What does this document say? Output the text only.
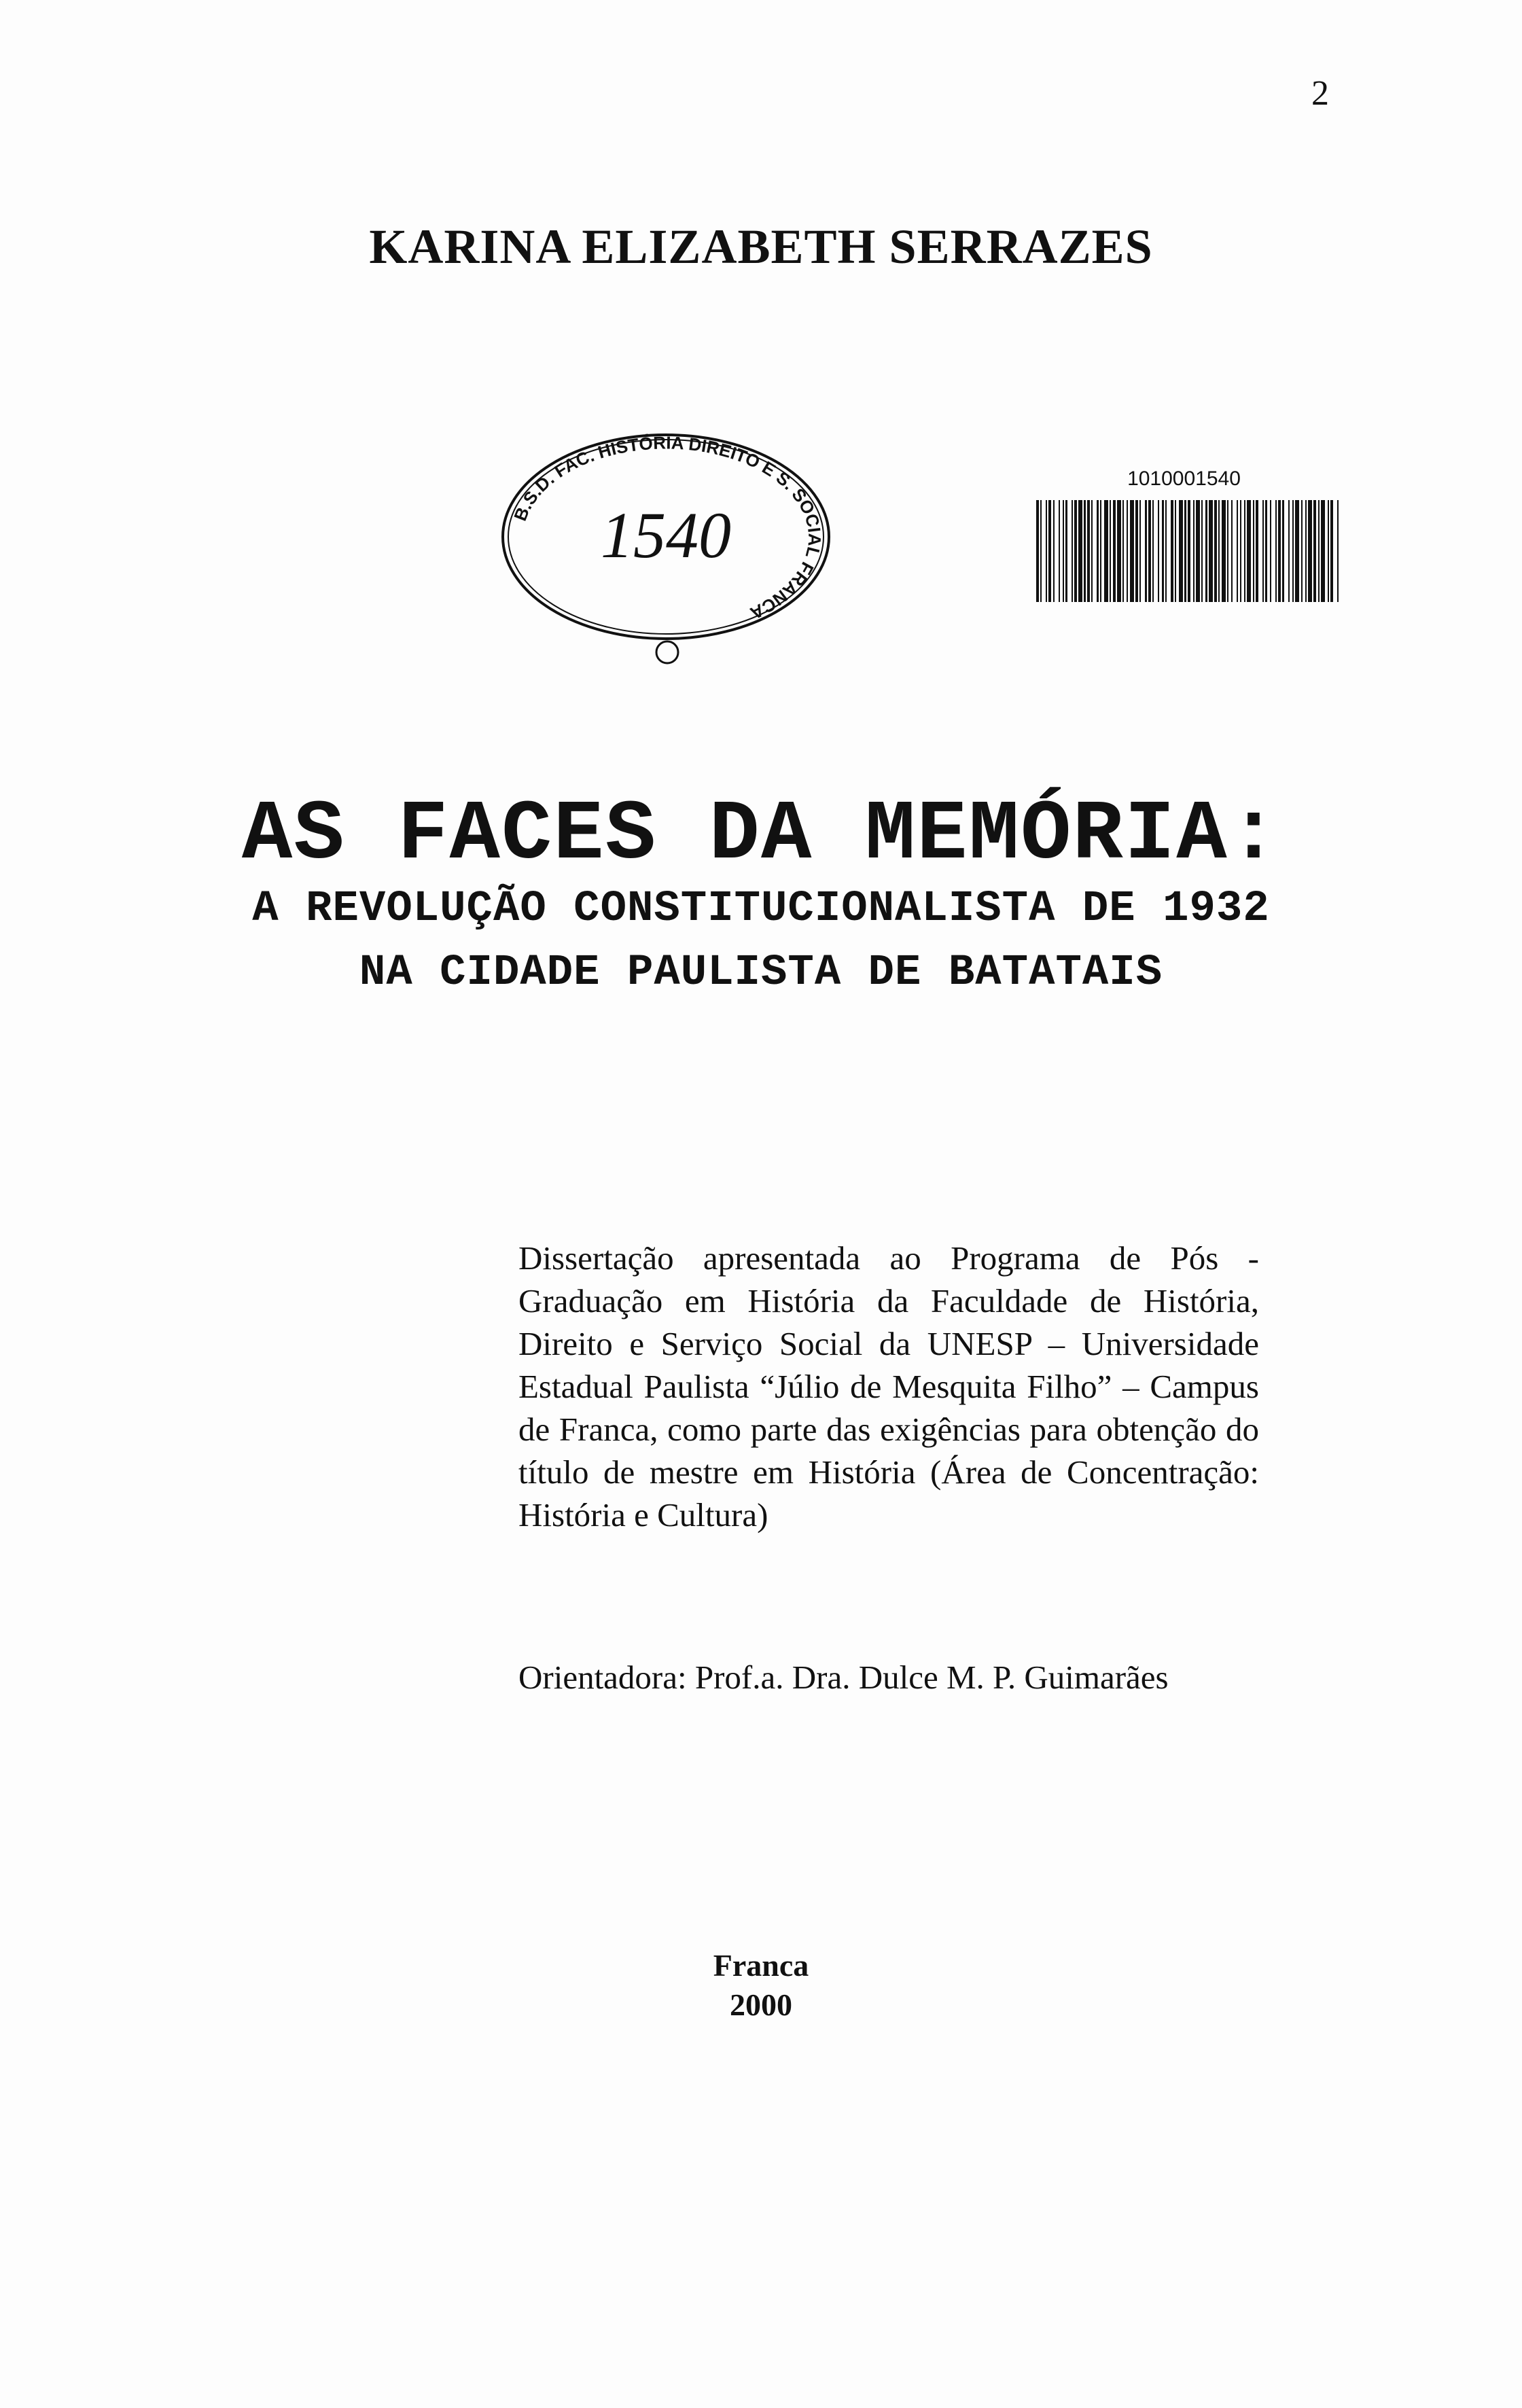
2
KARINA ELIZABETH SERRAZES
B.S.D. FAC. HISTÓRIA DIREITO E S. SOCIAL FRANCA
1540
1010001540
AS FACES DA MEMÓRIA:
A REVOLUÇÃO CONSTITUCIONALISTA DE 1932
NA CIDADE PAULISTA DE BATATAIS
Dissertação apresentada ao Programa de Pós - Graduação em História da Faculdade de História, Direito e Serviço Social da UNESP – Universidade Estadual Paulista “Júlio de Mesquita Filho” – Campus de Franca, como parte das exigências para obtenção do título de mestre em História (Área de Concentração: História e Cultura)
Orientadora: Prof.a. Dra. Dulce M. P. Guimarães
Franca
2000
